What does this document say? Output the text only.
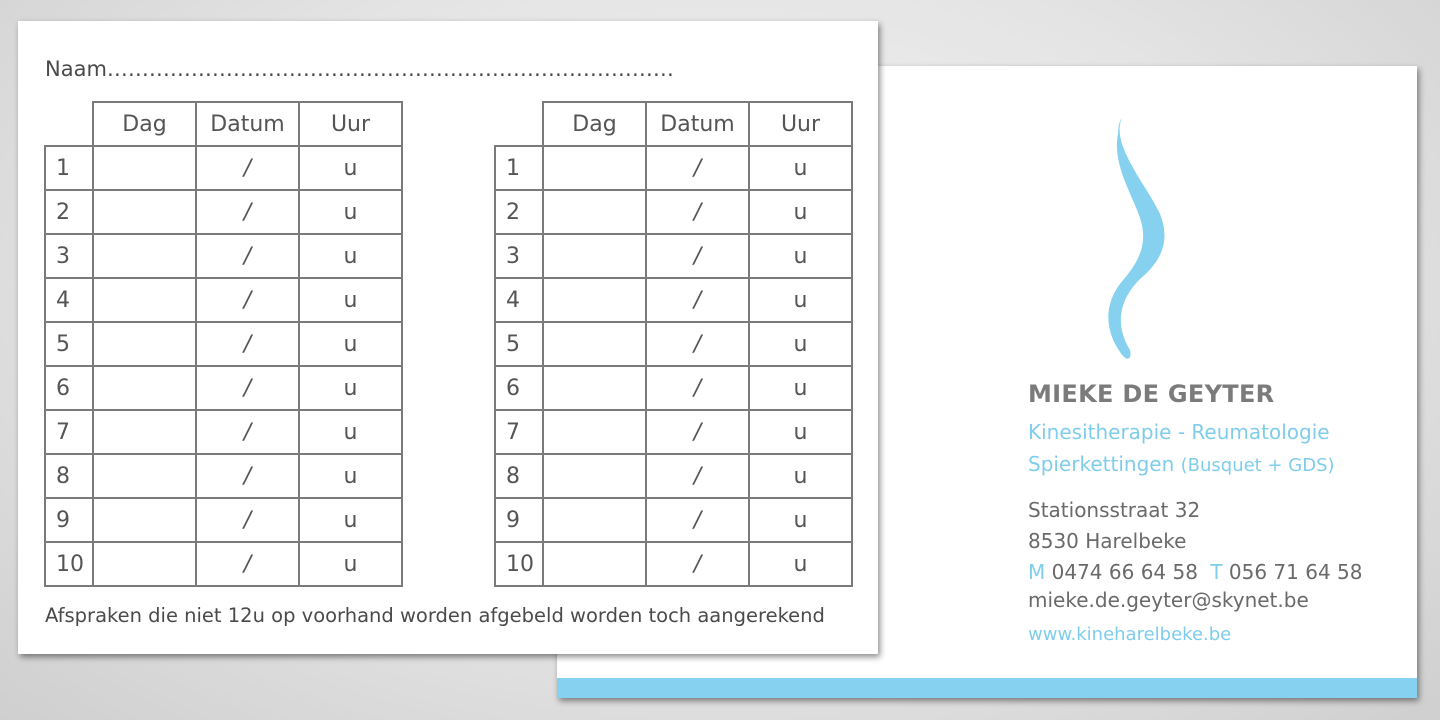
MIEKE DE GEYTER
Kinesitherapie - Reumatologie
Spierkettingen (Busquet + GDS)
Stationsstraat 32
8530 Harelbeke
M 0474 66 64 58 T 056 71 64 58
mieke.de.geyter@skynet.be
www.kineharelbeke.be
Naam………………………………………………………………………
	Dag	Datum	Uur
1		/	u
2		/	u
3		/	u
4		/	u
5		/	u
6		/	u
7		/	u
8		/	u
9		/	u
10		/	u
	Dag	Datum	Uur
1		/	u
2		/	u
3		/	u
4		/	u
5		/	u
6		/	u
7		/	u
8		/	u
9		/	u
10		/	u
Afspraken die niet 12u op voorhand worden afgebeld worden toch aangerekend
